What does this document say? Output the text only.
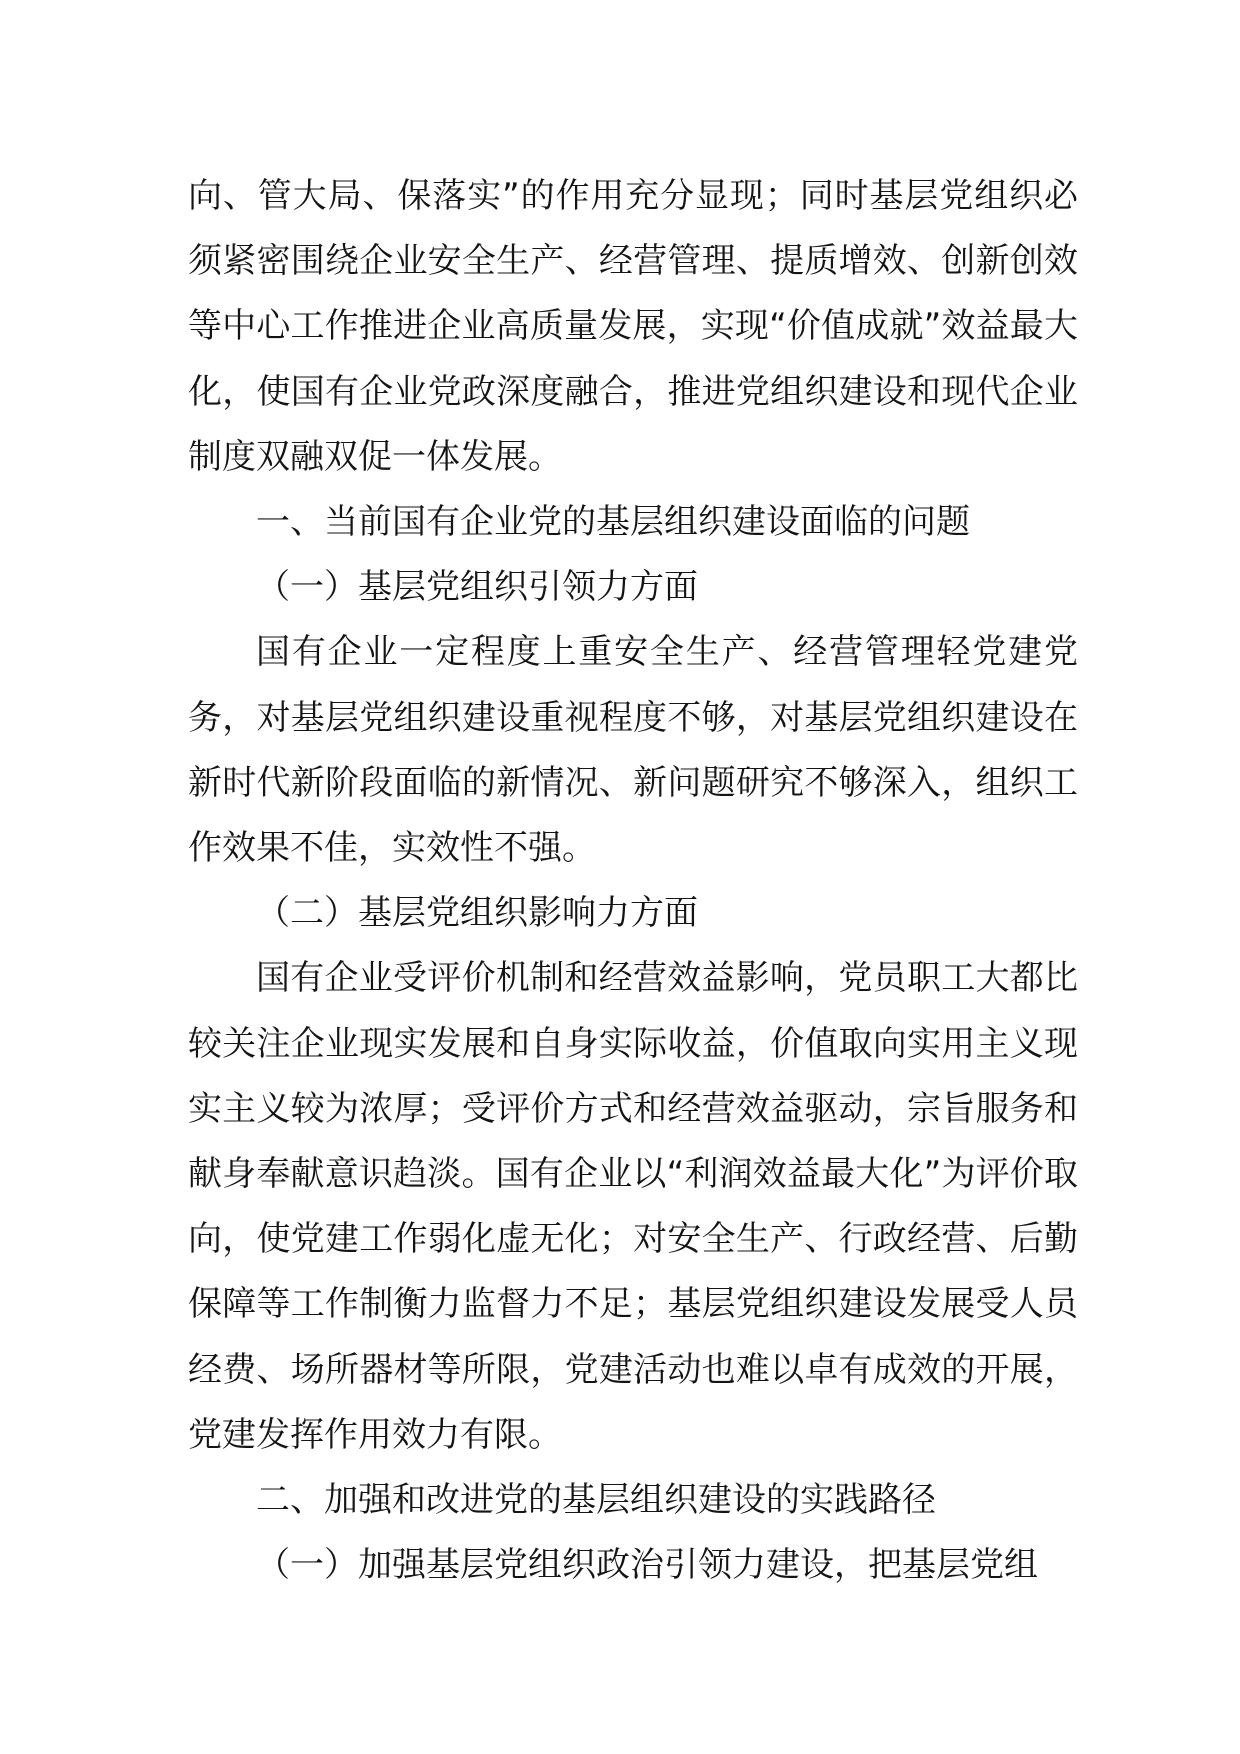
向、管大局、保落实”的作用充分显现；同时基层党组织必须紧密围绕企业安全生产、经营管理、提质增效、创新创效等中心工作推进企业高质量发展，实现“价值成就”效益最大化，使国有企业党政深度融合，推进党组织建设和现代企业制度双融双促一体发展。

一、当前国有企业党的基层组织建设面临的问题

（一）基层党组织引领力方面

国有企业一定程度上重安全生产、经营管理轻党建党务，对基层党组织建设重视程度不够，对基层党组织建设在新时代新阶段面临的新情况、新问题研究不够深入，组织工作效果不佳，实效性不强。

（二）基层党组织影响力方面

国有企业受评价机制和经营效益影响，党员职工大都比较关注企业现实发展和自身实际收益，价值取向实用主义现实主义较为浓厚；受评价方式和经营效益驱动，宗旨服务和献身奉献意识趋淡。国有企业以“利润效益最大化”为评价取向，使党建工作弱化虚无化；对安全生产、行政经营、后勤保障等工作制衡力监督力不足；基层党组织建设发展受人员经费、场所器材等所限，党建活动也难以卓有成效的开展，党建发挥作用效力有限。

二、加强和改进党的基层组织建设的实践路径

（一）加强基层党组织政治引领力建设，把基层党组
